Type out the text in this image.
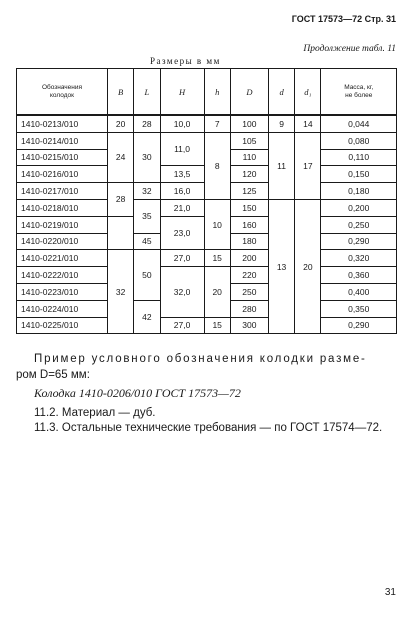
ГОСТ 17573—72 Стр. 31
Продолжение табл. 11
Размеры в мм
Обозначения
колодок	B	L	H	h	D	d	d₁	Масса, кг,
не более
1410-0213/010	20	28	10,0	7	100	9	14	0,044
1410-0214/010	24	30	11,0	8	105	11	17	0,080
1410-0215/010					110			0,110
1410-0216/010			13,5		120			0,150
1410-0217/010	28	32	16,0		125			0,180
1410-0218/010		35	21,0	10	150	13	20	0,200
1410-0219/010			23,0		160			0,250
1410-0220/010		45			180			0,290
1410-0221/010	32	50	27,0	15	200			0,320
1410-0222/010			32,0	20	220			0,360
1410-0223/010					250			0,400
1410-0224/010		42			280			0,350
1410-0225/010			27,0	15	300			0,290
Пример условного обозначения колодки разме-
ром D=65 мм:
Колодка 1410-0206/010 ГОСТ 17573—72
11.2. Материал — дуб.
11.3. Остальные технические требования — по ГОСТ 17574—72.
31
